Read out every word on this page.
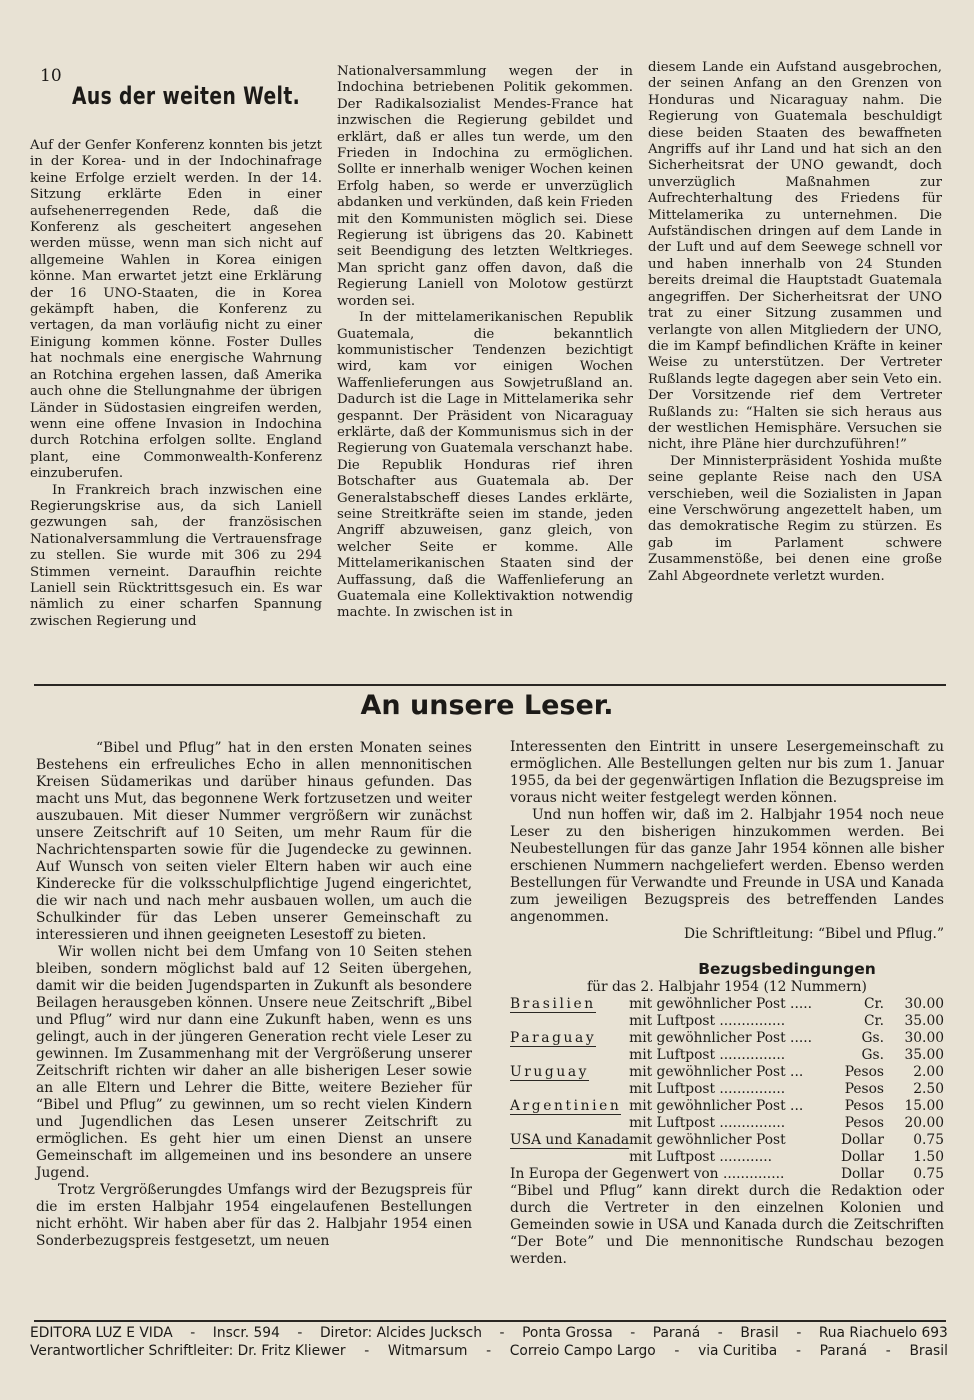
10
Aus der weiten Welt.

Auf der Genfer Konferenz konnten bis jetzt in der Korea- und in der Indochinafrage keine Erfolge erzielt werden. In der 14. Sitzung erklärte Eden in einer aufsehenerregenden Rede, daß die Konferenz als gescheitert angesehen werden müsse, wenn man sich nicht auf allgemeine Wahlen in Korea einigen könne. Man erwartet jetzt eine Erklärung der 16 UNO-Staaten, die in Korea gekämpft haben, die Konferenz zu vertagen, da man vorläufig nicht zu einer Einigung kommen könne. Foster Dulles hat nochmals eine energische Wahrnung an Rotchina ergehen lassen, daß Amerika auch ohne die Stellungnahme der übrigen Länder in Südostasien eingreifen werden, wenn eine offene Invasion in Indochina durch Rotchina erfolgen sollte. England plant, eine Commonwealth-Konferenz einzuberufen.

In Frankreich brach inzwischen eine Regierungskrise aus, da sich Laniell gezwungen sah, der französischen Nationalversammlung die Vertrauensfrage zu stellen. Sie wurde mit 306 zu 294 Stimmen verneint. Daraufhin reichte Laniell sein Rücktrittsgesuch ein. Es war nämlich zu einer scharfen Spannung zwischen Regierung und

Nationalversammlung wegen der in Indochina betriebenen Politik gekommen. Der Radikalsozialist Mendes-France hat inzwischen die Regierung gebildet und erklärt, daß er alles tun werde, um den Frieden in Indochina zu ermöglichen. Sollte er innerhalb weniger Wochen keinen Erfolg haben, so werde er unverzüglich abdanken und verkünden, daß kein Frieden mit den Kommunisten möglich sei. Diese Regierung ist übrigens das 20. Kabinett seit Beendigung des letzten Weltkrieges. Man spricht ganz offen davon, daß die Regierung Laniell von Molotow gestürzt worden sei.

In der mittelamerikanischen Republik Guatemala, die bekanntlich kommunistischer Tendenzen bezichtigt wird, kam vor einigen Wochen Waffenlieferungen aus Sowjetrußland an. Dadurch ist die Lage in Mittelamerika sehr gespannt. Der Präsident von Nicaraguay erklärte, daß der Kommunismus sich in der Regierung von Guatemala verschanzt habe. Die Republik Honduras rief ihren Botschafter aus Guatemala ab. Der Generalstabscheff dieses Landes erklärte, seine Streitkräfte seien im stande, jeden Angriff abzuweisen, ganz gleich, von welcher Seite er komme. Alle Mittelamerikanischen Staaten sind der Auffassung, daß die Waffenlieferung an Guatemala eine Kollektivaktion notwendig machte. In zwischen ist in

diesem Lande ein Aufstand ausgebrochen, der seinen Anfang an den Grenzen von Honduras und Nicaraguay nahm. Die Regierung von Guatemala beschuldigt diese beiden Staaten des bewaffneten Angriffs auf ihr Land und hat sich an den Sicherheitsrat der UNO gewandt, doch unverzüglich Maßnahmen zur Aufrechterhaltung des Friedens für Mittelamerika zu unternehmen. Die Aufständischen dringen auf dem Lande in der Luft und auf dem Seewege schnell vor und haben innerhalb von 24 Stunden bereits dreimal die Hauptstadt Guatemala angegriffen. Der Sicherheitsrat der UNO trat zu einer Sitzung zusammen und verlangte von allen Mitgliedern der UNO, die im Kampf befindlichen Kräfte in keiner Weise zu unterstützen. Der Vertreter Rußlands legte dagegen aber sein Veto ein. Der Vorsitzende rief dem Vertreter Rußlands zu: “Halten sie sich heraus aus der westlichen Hemisphäre. Versuchen sie nicht, ihre Pläne hier durchzuführen!”

Der Minnisterpräsident Yoshida mußte seine geplante Reise nach den USA verschieben, weil die Sozialisten in Japan eine Verschwörung angezettelt haben, um das demokratische Regim zu stürzen. Es gab im Parlament schwere Zusammenstöße, bei denen eine große Zahl Abgeordnete verletzt wurden.

An unsere Leser.

“Bibel und Pflug” hat in den ersten Monaten seines Bestehens ein erfreuliches Echo in allen mennonitischen Kreisen Südamerikas und darüber hinaus gefunden. Das macht uns Mut, das begonnene Werk fortzusetzen und weiter auszubauen. Mit dieser Nummer vergrößern wir zunächst unsere Zeitschrift auf 10 Seiten, um mehr Raum für die Nachrichtensparten sowie für die Jugendecke zu gewinnen. Auf Wunsch von seiten vieler Eltern haben wir auch eine Kinderecke für die volksschulpflichtige Jugend eingerichtet, die wir nach und nach mehr ausbauen wollen, um auch die Schulkinder für das Leben unserer Gemeinschaft zu interessieren und ihnen geeigneten Lesestoff zu bieten.

Wir wollen nicht bei dem Umfang von 10 Seiten stehen bleiben, sondern möglichst bald auf 12 Seiten übergehen, damit wir die beiden Jugendsparten in Zukunft als besondere Beilagen herausgeben können. Unsere neue Zeitschrift „Bibel und Pflug” wird nur dann eine Zukunft haben, wenn es uns gelingt, auch in der jüngeren Generation recht viele Leser zu gewinnen. Im Zusammenhang mit der Vergrößerung unserer Zeitschrift richten wir daher an alle bisherigen Leser sowie an alle Eltern und Lehrer die Bitte, weitere Bezieher für “Bibel und Pflug” zu gewinnen, um so recht vielen Kindern und Jugendlichen das Lesen unserer Zeitschrift zu ermöglichen. Es geht hier um einen Dienst an unsere Gemeinschaft im allgemeinen und ins besondere an unsere Jugend.

Trotz Vergrößerungdes Umfangs wird der Bezugspreis für die im ersten Halbjahr 1954 eingelaufenen Bestellungen nicht erhöht. Wir haben aber für das 2. Halbjahr 1954 einen Sonderbezugspreis festgesetzt, um neuen

Interessenten den Eintritt in unsere Lesergemeinschaft zu ermöglichen. Alle Bestellungen gelten nur bis zum 1. Januar 1955, da bei der gegenwärtigen Inflation die Bezugspreise im voraus nicht weiter festgelegt werden können.

Und nun hoffen wir, daß im 2. Halbjahr 1954 noch neue Leser zu den bisherigen hinzukommen werden. Bei Neubestellungen für das ganze Jahr 1954 können alle bisher erschienen Nummern nachgeliefert werden. Ebenso werden Bestellungen für Verwandte und Freunde in USA und Kanada zum jeweiligen Bezugspreis des betreffenden Landes angenommen.

Die Schriftleitung: “Bibel und Pflug.”

Bezugsbedingungen

für das 2. Halbjahr 1954 (12 Nummern)

Brasilien	mit gewöhnlicher Post .....	Cr.	30.00
	mit Luftpost ...............	Cr.	35.00
Paraguay	mit gewöhnlicher Post .....	Gs.	30.00
	mit Luftpost ...............	Gs.	35.00
Uruguay	mit gewöhnlicher Post ...	Pesos	2.00
	mit Luftpost ...............	Pesos	2.50
Argentinien	mit gewöhnlicher Post ...	Pesos	15.00
	mit Luftpost ...............	Pesos	20.00
USA und Kanada	mit gewöhnlicher Post	Dollar	0.75
	mit Luftpost ............	Dollar	1.50
In Europa der Gegenwert von ..............		Dollar	0.75

“Bibel und Pflug” kann direkt durch die Redaktion oder durch die Vertreter in den einzelnen Kolonien und Gemeinden sowie in USA und Kanada durch die Zeitschriften “Der Bote” und Die mennonitische Rundschau bezogen werden.

EDITORA LUZ E VIDA - Inscr. 594 - Diretor: Alcides Jucksch - Ponta Grossa - Paraná - Brasil - Rua Riachuelo 693
Verantwortlicher Schriftleiter: Dr. Fritz Kliewer - Witmarsum - Correio Campo Largo - via Curitiba - Paraná - Brasil
